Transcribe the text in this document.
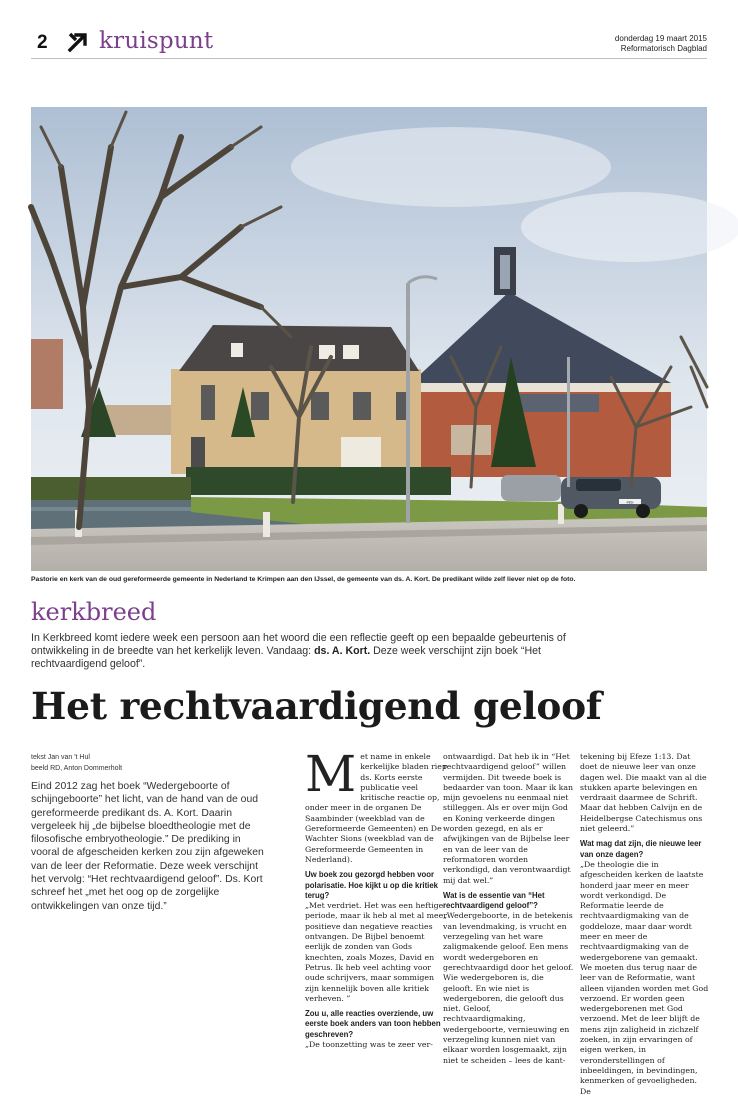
2 kruispunt	donderdag 19 maart 2015
Reformatorisch Dagblad
-NS-
Pastorie en kerk van de oud gereformeerde gemeente in Nederland te Krimpen aan den IJssel, de gemeente van ds. A. Kort. De predikant wilde zelf liever niet op de foto.
kerkbreed
In Kerkbreed komt iedere week een persoon aan het woord die een reflectie geeft op een bepaalde gebeurtenis of ontwikkeling in de breedte van het kerkelijk leven. Vandaag: ds. A. Kort. Deze week verschijnt zijn boek “Het rechtvaardigend geloof”.
Het rechtvaardigend geloof
tekst Jan van 't Hul
beeld RD, Anton Dommerholt
Eind 2012 zag het boek “Wedergeboorte of schijngeboorte” het licht, van de hand van de oud gereformeerde predikant ds. A. Kort. Daarin vergeleek hij „de bijbelse bloedtheologie met de filosofische embryotheologie.” De prediking in vooral de afgescheiden kerken zou zijn afgeweken van de leer der Reformatie. Deze week verschijnt het vervolg: “Het rechtvaardigend geloof”. Ds. Kort schreef het „met het oog op de zorgelijke ontwikkelingen van onze tijd.”
M et name in enkele kerkelijke bladen riep ds. Korts eerste publicatie veel kritische reactie op, onder meer in de organen De Saambinder (weekblad van de Gereformeerde Gemeenten) en De Wachter Sions (weekblad van de Gereformeerde Gemeenten in Nederland).

Uw boek zou gezorgd hebben voor polarisatie. Hoe kijkt u op die kritiek terug?

„Met verdriet. Het was een heftige periode, maar ik heb al met al meer positieve dan negatieve reacties ontvangen. De Bijbel benoemt eerlijk de zonden van Gods knechten, zoals Mozes, David en Petrus. Ik heb veel achting voor oude schrijvers, maar sommigen zijn kennelijk boven alle kritiek verheven. ”

Zou u, alle reacties overziende, uw eerste boek anders van toon hebben geschreven?

„De toonzetting was te zeer ver-

ontwaardigd. Dat heb ik in “Het rechtvaardigend geloof” willen vermijden. Dit tweede boek is bedaarder van toon. Maar ik kan mijn gevoelens nu eenmaal niet stilleggen. Als er over mijn God en Koning verkeerde dingen worden gezegd, en als er afwijkingen van de Bijbelse leer en van de leer van de reformatoren worden verkondigd, dan verontwaardigt mij dat wel.”

Wat is de essentie van “Het rechtvaardigend geloof”?

„Wedergeboorte, in de betekenis van levendmaking, is vrucht en verzegeling van het ware zaligmakende geloof. Een mens wordt wedergeboren en gerechtvaardigd door het geloof. Wie wedergeboren is, die gelooft. En wie niet is wedergeboren, die gelooft dus niet. Geloof, rechtvaardigmaking, wedergeboorte, vernieuwing en verzegeling kunnen niet van elkaar worden losgemaakt, zijn niet te scheiden – lees de kant-

tekening bij Efeze 1:13. Dat doet de nieuwe leer van onze dagen wel. Die maakt van al die stukken aparte belevingen en verdraait daarmee de Schrift. Maar dat hebben Calvijn en de Heidelbergse Catechismus ons niet geleerd.”

Wat mag dat zijn, die nieuwe leer van onze dagen?

„De theologie die in afgescheiden kerken de laatste honderd jaar meer en meer wordt verkondigd. De Reformatie leerde de rechtvaardigmaking van de goddeloze, maar daar wordt meer en meer de rechtvaardigmaking van de wedergeborene van gemaakt. We moeten dus terug naar de leer van de Reformatie, want alleen vijanden worden met God verzoend. Er worden geen wedergeborenen met God verzoend. Met de leer blijft de mens zijn zaligheid in zichzelf zoeken, in zijn ervaringen of eigen werken, in veronderstellingen of inbeeldingen, in bevindingen, kenmerken of gevoeligheden. De
